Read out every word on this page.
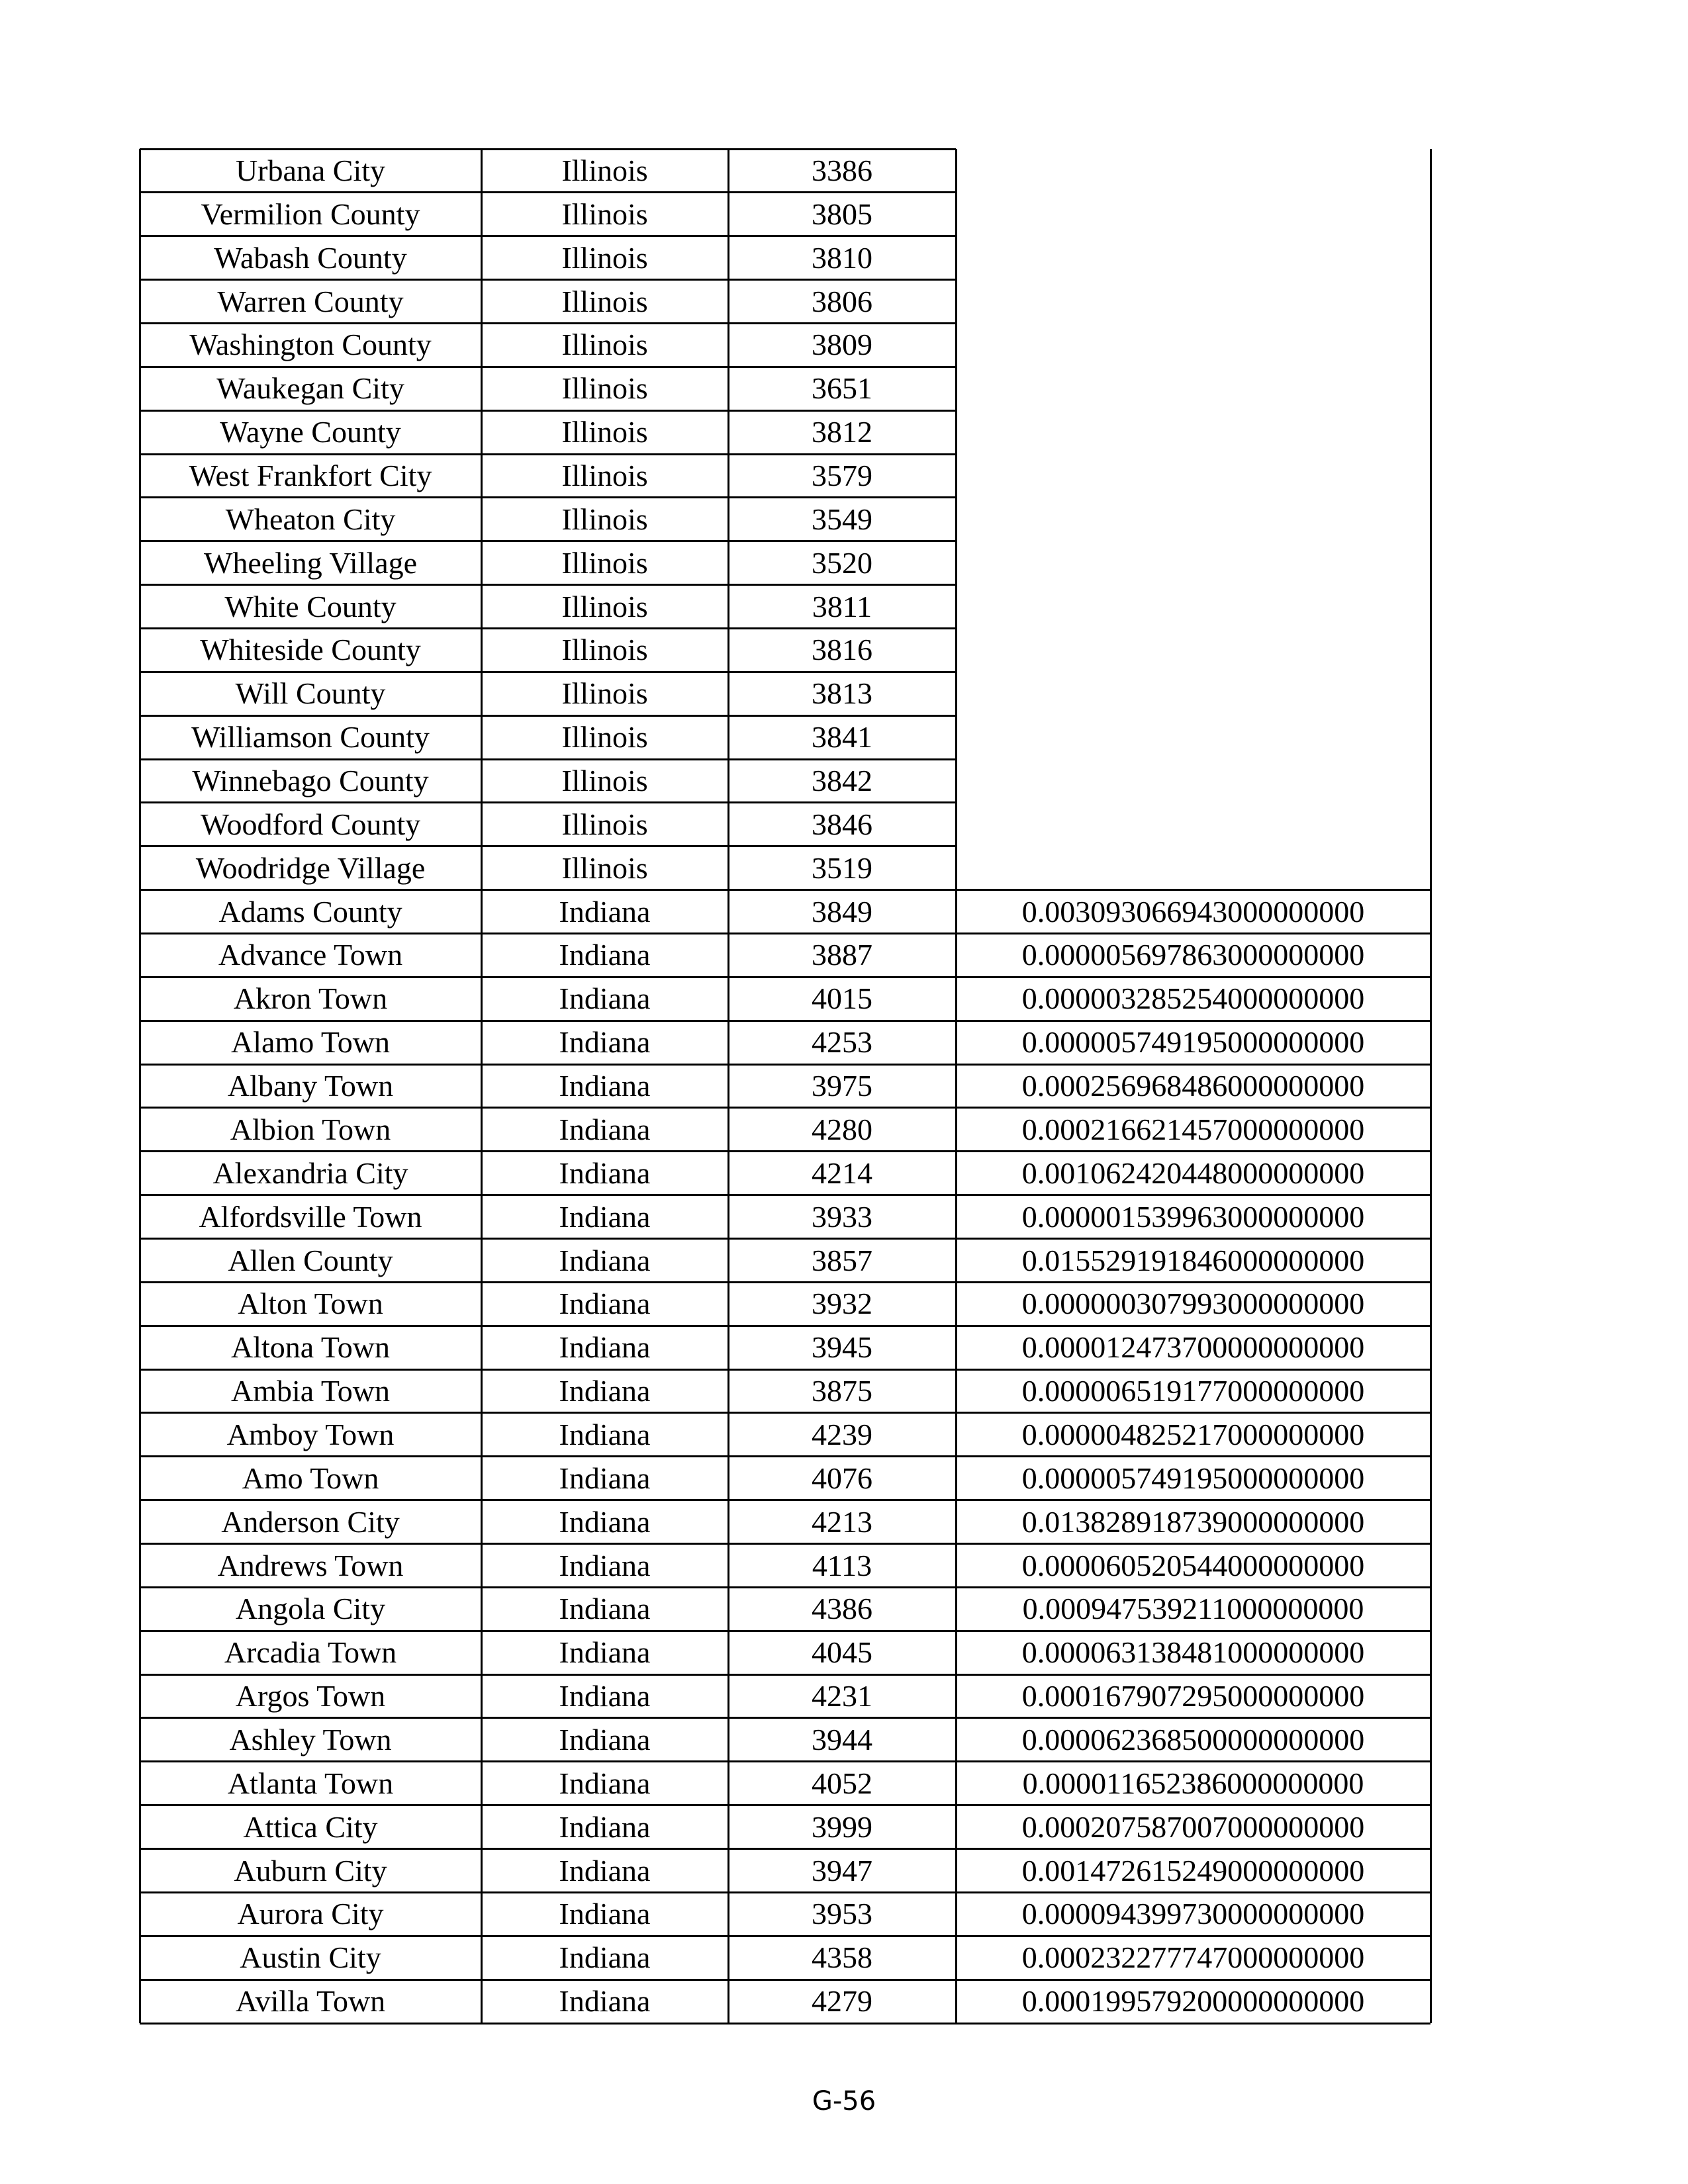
Urbana City	Illinois	3386
Vermilion County	Illinois	3805
Wabash County	Illinois	3810
Warren County	Illinois	3806
Washington County	Illinois	3809
Waukegan City	Illinois	3651
Wayne County	Illinois	3812
West Frankfort City	Illinois	3579
Wheaton City	Illinois	3549
Wheeling Village	Illinois	3520
White County	Illinois	3811
Whiteside County	Illinois	3816
Will County	Illinois	3813
Williamson County	Illinois	3841
Winnebago County	Illinois	3842
Woodford County	Illinois	3846
Woodridge Village	Illinois	3519
Adams County	Indiana	3849	0.003093066943000000000
Advance Town	Indiana	3887	0.000005697863000000000
Akron Town	Indiana	4015	0.000003285254000000000
Alamo Town	Indiana	4253	0.000005749195000000000
Albany Town	Indiana	3975	0.000256968486000000000
Albion Town	Indiana	4280	0.000216621457000000000
Alexandria City	Indiana	4214	0.001062420448000000000
Alfordsville Town	Indiana	3933	0.000001539963000000000
Allen County	Indiana	3857	0.015529191846000000000
Alton Town	Indiana	3932	0.000000307993000000000
Altona Town	Indiana	3945	0.000012473700000000000
Ambia Town	Indiana	3875	0.000006519177000000000
Amboy Town	Indiana	4239	0.000004825217000000000
Amo Town	Indiana	4076	0.000005749195000000000
Anderson City	Indiana	4213	0.013828918739000000000
Andrews Town	Indiana	4113	0.000060520544000000000
Angola City	Indiana	4386	0.000947539211000000000
Arcadia Town	Indiana	4045	0.000063138481000000000
Argos Town	Indiana	4231	0.000167907295000000000
Ashley Town	Indiana	3944	0.000062368500000000000
Atlanta Town	Indiana	4052	0.000011652386000000000
Attica City	Indiana	3999	0.000207587007000000000
Auburn City	Indiana	3947	0.001472615249000000000
Aurora City	Indiana	3953	0.000094399730000000000
Austin City	Indiana	4358	0.000232277747000000000
Avilla Town	Indiana	4279	0.000199579200000000000
G-56
